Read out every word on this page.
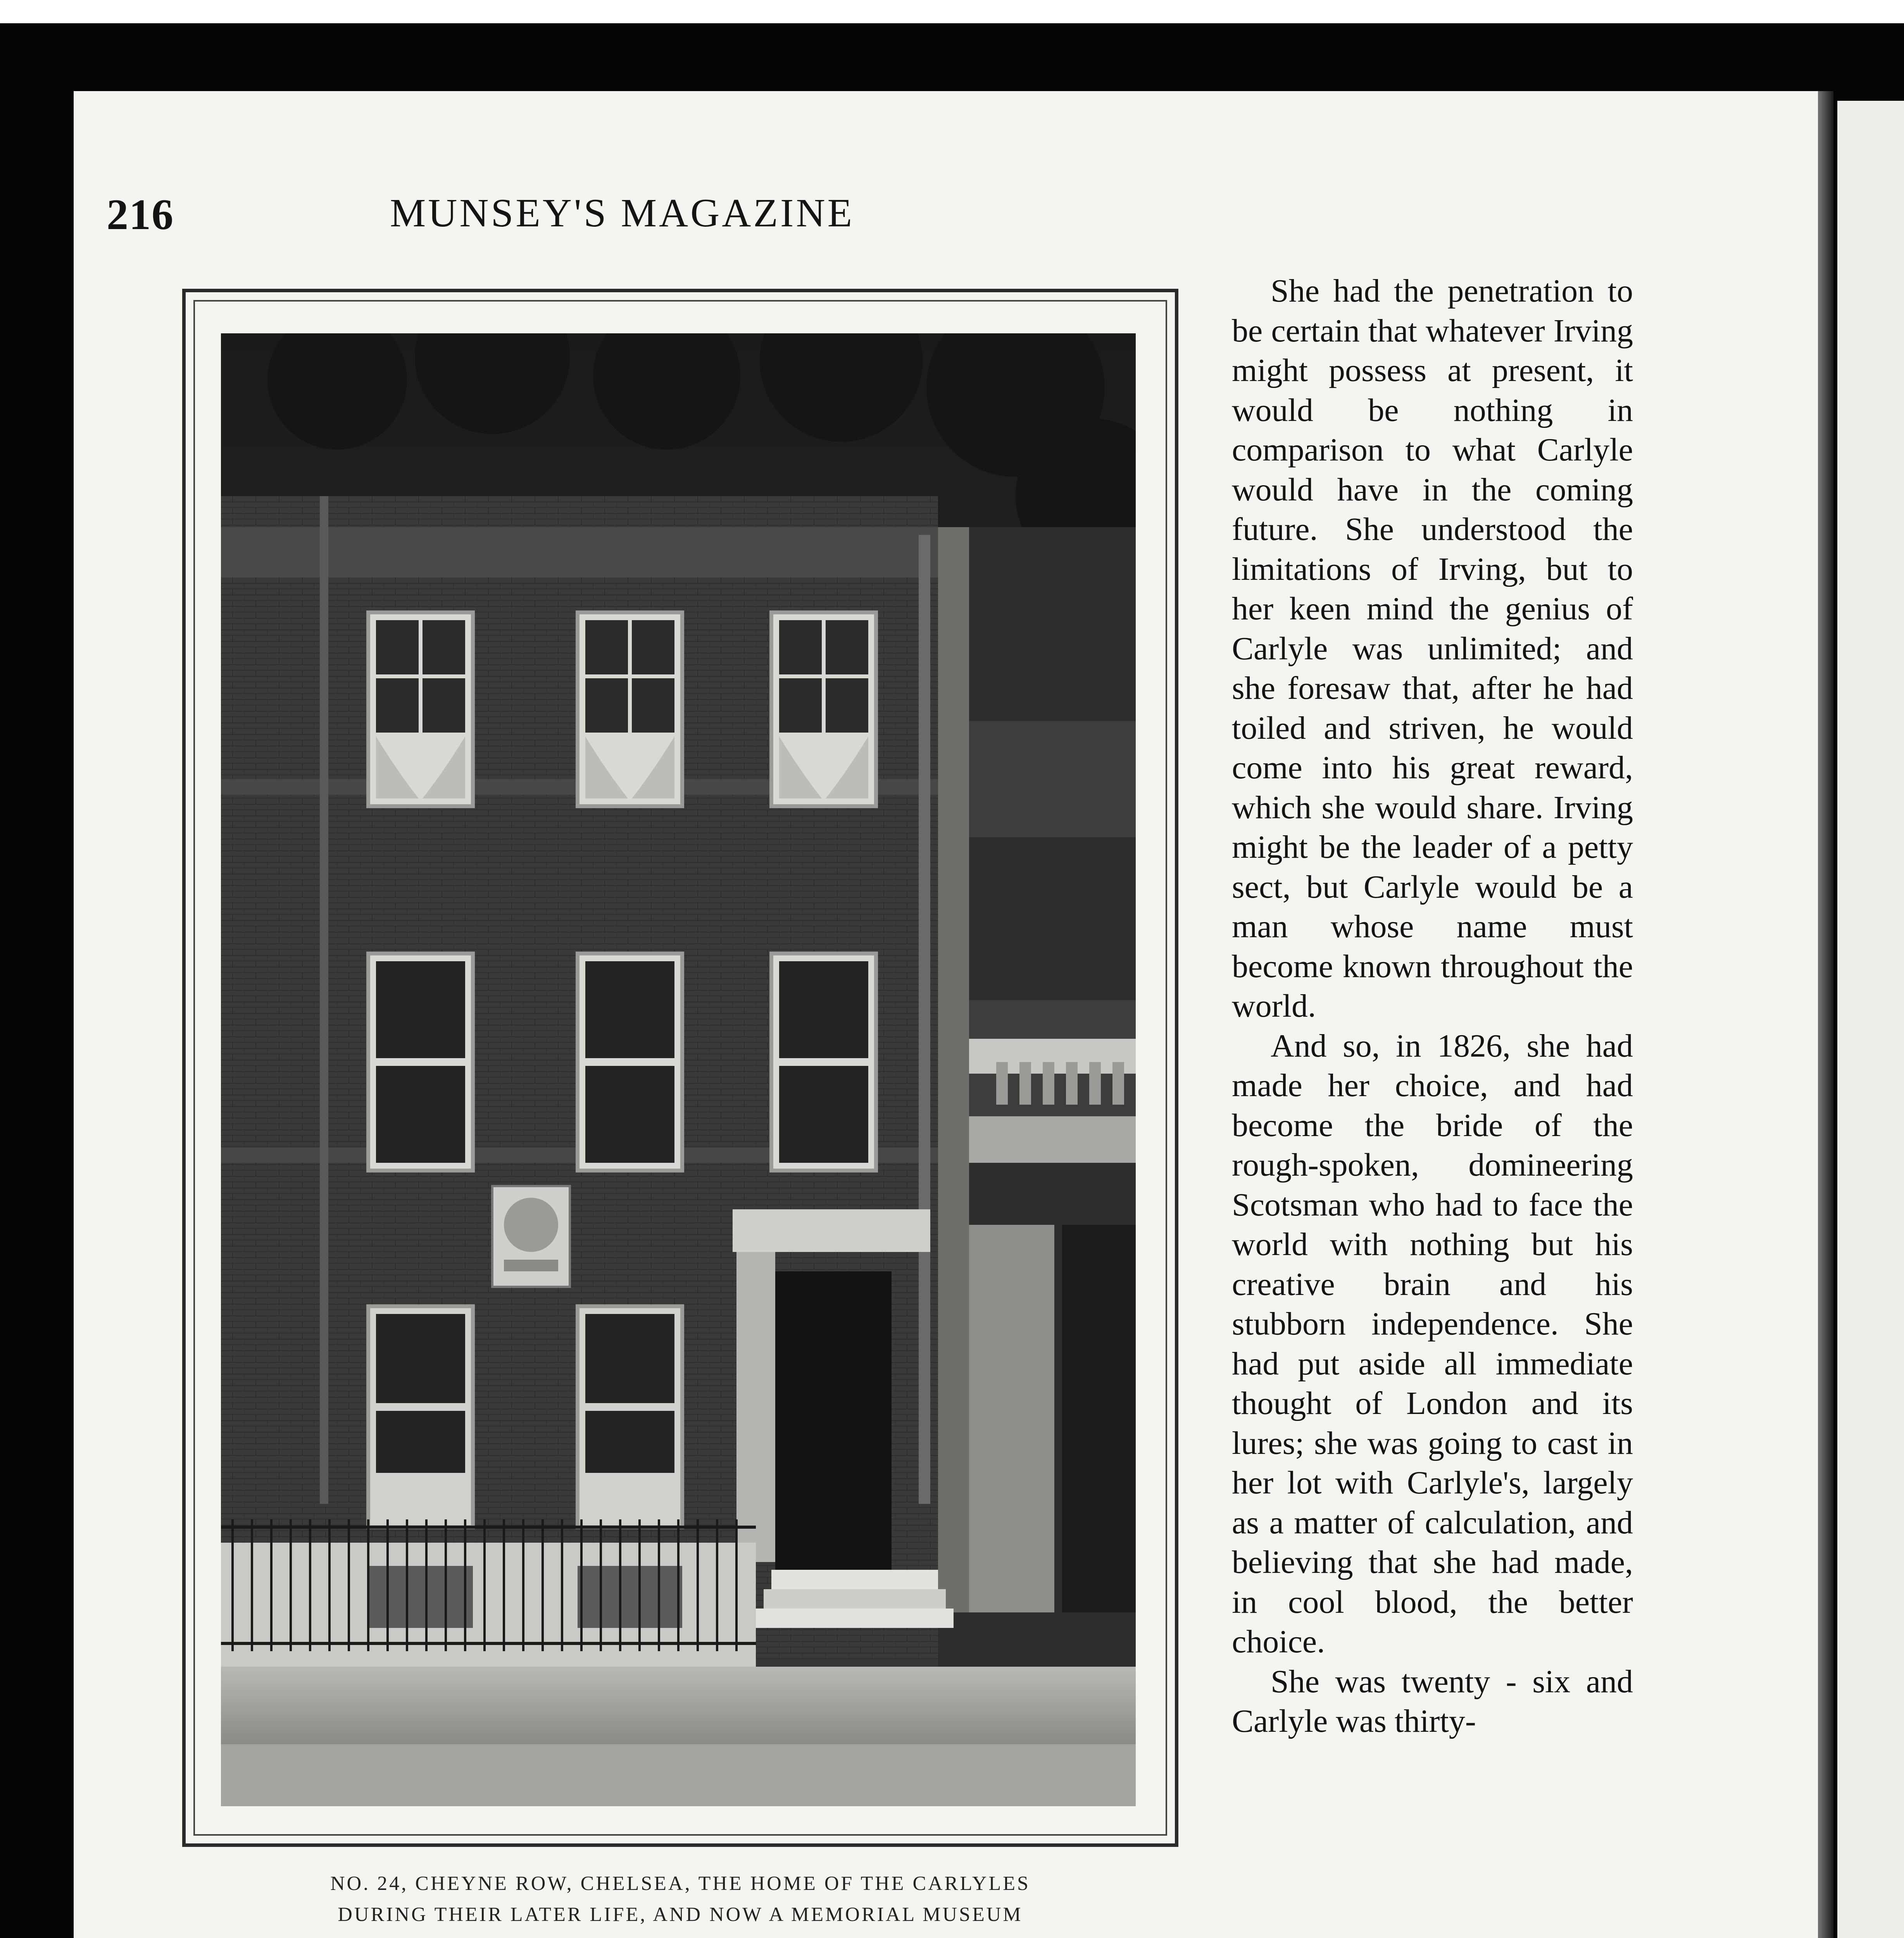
216	MUNSEY'S MAGAZINE
NO. 24, CHEYNE ROW, CHELSEA, THE HOME OF THE CARLYLES
DURING THEIR LATER LIFE, AND NOW A MEMORIAL MUSEUM

She had the penetration to be certain that whatever Irving might possess at present, it would be nothing in comparison to what Carlyle would have in the coming future. She understood the limitations of Irving, but to her keen mind the genius of Carlyle was unlimited; and she foresaw that, after he had toiled and striven, he would come into his great reward, which she would share. Irving might be the leader of a petty sect, but Carlyle would be a man whose name must become known throughout the world.

And so, in 1826, she had made her choice, and had become the bride of the rough-spoken, domineering Scotsman who had to face the world with nothing but his creative brain and his stubborn independence. She had put aside all immediate thought of London and its lures; she was going to cast in her lot with Carlyle's, largely as a matter of calculation, and believing that she had made, in cool blood, the better choice.

She was twenty - six and Carlyle was thirty-
